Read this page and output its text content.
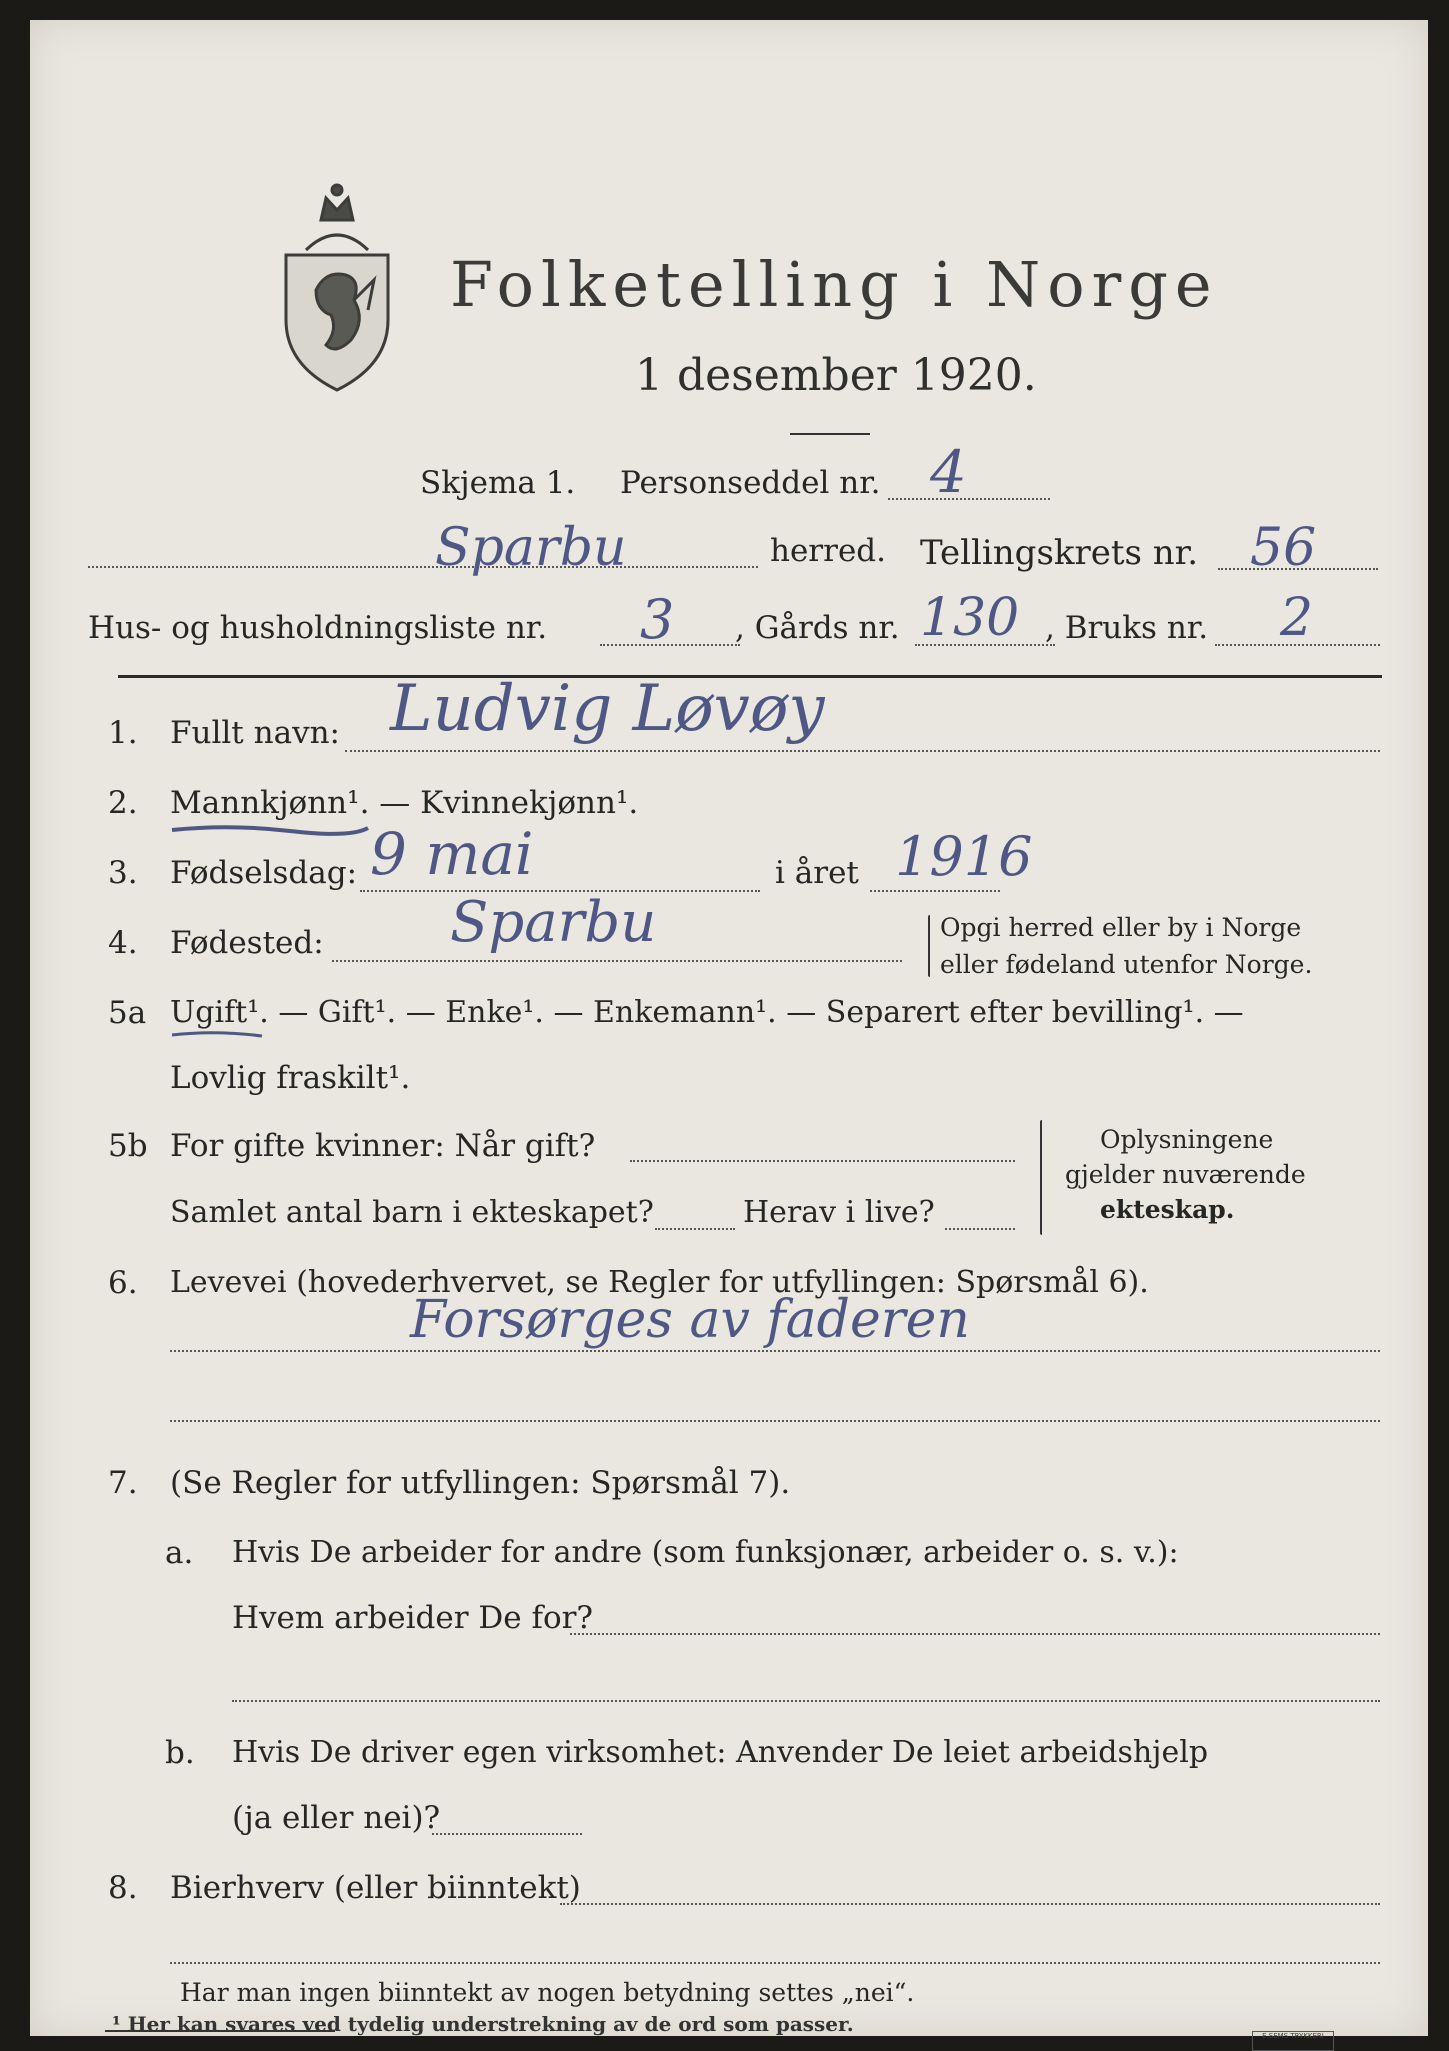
Folketelling i Norge
1 desember 1920.
Skjema 1. Personseddel nr. 4
Sparbu	herred. Tellingskrets nr. 56
Hus- og husholdningsliste nr. 3 , Gårds nr. 130 , Bruks nr. 2
1. Fullt navn: Ludvig Løvøy
2. Mannkjønn¹. — Kvinnekjønn¹.
3. Fødselsdag: 9 mai	i året 1916
4. Fødested: Sparbu	Opgi herred eller by i Norge
eller fødeland utenfor Norge.
5a Ugift¹. — Gift¹. — Enke¹. — Enkemann¹. — Separert efter bevilling¹. —
Lovlig fraskilt¹.
5b For gifte kvinner: Når gift?
Samlet antal barn i ekteskapet?	Herav i live?
Oplysningene
gjelder nuværende
ekteskap.
6. Levevei (hovederhvervet, se Regler for utfyllingen: Spørsmål 6).
Forsørges av faderen
7. (Se Regler for utfyllingen: Spørsmål 7).
a. Hvis De arbeider for andre (som funksjonær, arbeider o. s. v.):
Hvem arbeider De for?
b. Hvis De driver egen virksomhet: Anvender De leiet arbeidshjelp
(ja eller nei)?
8. Bierhverv (eller biinntekt)
Har man ingen biinntekt av nogen betydning settes „nei“.
¹ Her kan svares ved tydelig understrekning av de ord som passer.	E.SEMS TRYKKERI
